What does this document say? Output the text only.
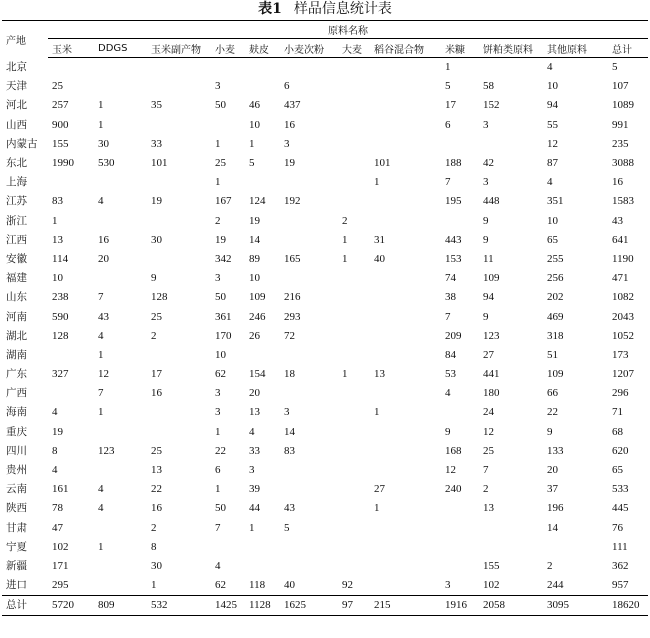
表1 样品信息统计表
产地	原料名称											
	玉米	DDGS	玉米副产物	小麦	麸皮	小麦次粉	大麦	稻谷混合物	米糠	饼粕类原料	其他原料	总计
北京									1		4	5
天津	25			3		6			5	58	10	107
河北	257	1	35	50	46	437			17	152	94	1089
山西	900	1			10	16			6	3	55	991
内蒙古	155	30	33	1	1	3					12	235
东北	1990	530	101	25	5	19		101	188	42	87	3088
上海				1				1	7	3	4	16
江苏	83	4	19	167	124	192			195	448	351	1583
浙江	1			2	19		2			9	10	43
江西	13	16	30	19	14		1	31	443	9	65	641
安徽	114	20		342	89	165	1	40	153	11	255	1190
福建	10		9	3	10				74	109	256	471
山东	238	7	128	50	109	216			38	94	202	1082
河南	590	43	25	361	246	293			7	9	469	2043
湖北	128	4	2	170	26	72			209	123	318	1052
湖南		1		10					84	27	51	173
广东	327	12	17	62	154	18	1	13	53	441	109	1207
广西		7	16	3	20				4	180	66	296
海南	4	1		3	13	3		1		24	22	71
重庆	19			1	4	14			9	12	9	68
四川	8	123	25	22	33	83			168	25	133	620
贵州	4		13	6	3				12	7	20	65
云南	161	4	22	1	39			27	240	2	37	533
陕西	78	4	16	50	44	43		1		13	196	445
甘肃	47		2	7	1	5					14	76
宁夏	102	1	8									111
新疆	171		30	4						155	2	362
进口	295		1	62	118	40	92		3	102	244	957
总计	5720	809	532	1425	1128	1625	97	215	1916	2058	3095	18620
